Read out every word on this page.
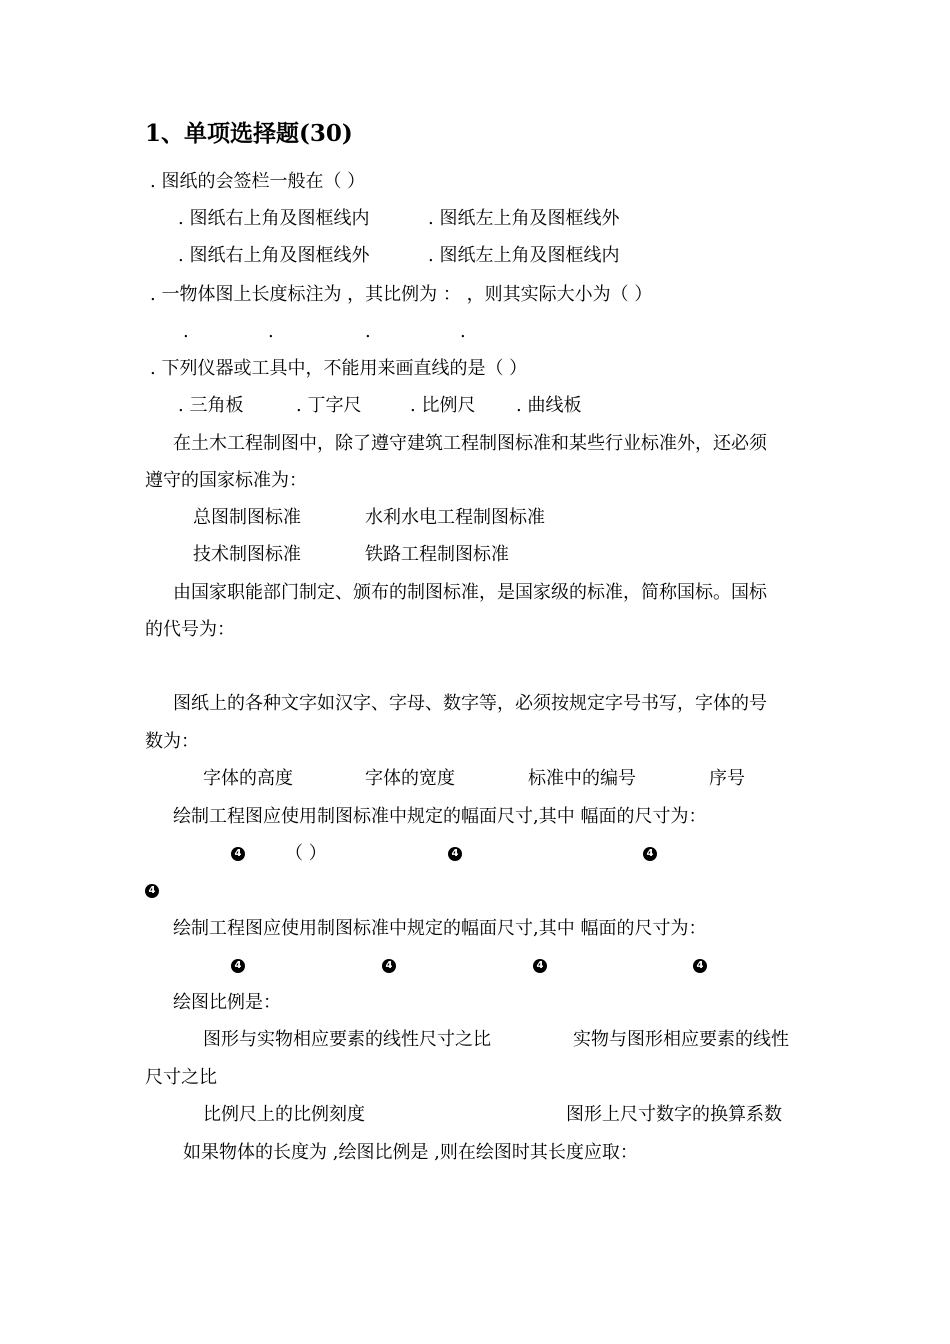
1、单项选择题(30)
. 图纸的会签栏一般在（ ）
. 图纸右上角及图框线内	. 图纸左上角及图框线外
. 图纸右上角及图框线外	. 图纸左上角及图框线内
. 一物体图上长度标注为 ，其比例为 ： ，则其实际大小为（ ）
.	.	.	.
. 下列仪器或工具中，不能用来画直线的是（ ）
. 三角板	. 丁字尺	. 比例尺 . 曲线板
在土木工程制图中，除了遵守建筑工程制图标准和某些行业标准外，还必须
遵守的国家标准为：
总图制图标准	水利水电工程制图标准
技术制图标准	铁路工程制图标准
由国家职能部门制定、颁布的制图标准，是国家级的标准，简称国标。国标
的代号为：
图纸上的各种文字如汉字、字母、数字等，必须按规定字号书写，字体的号
数为：
字体的高度	字体的宽度	标准中的编号	序号
绘制工程图应使用制图标准中规定的幅面尺寸,其中 幅面的尺寸为：
4 （ ）	4	4
4
绘制工程图应使用制图标准中规定的幅面尺寸,其中 幅面的尺寸为：
4	4	4	4
绘图比例是：
图形与实物相应要素的线性尺寸之比	实物与图形相应要素的线性
尺寸之比
比例尺上的比例刻度	图形上尺寸数字的换算系数
如果物体的长度为 ,绘图比例是 ,则在绘图时其长度应取：
